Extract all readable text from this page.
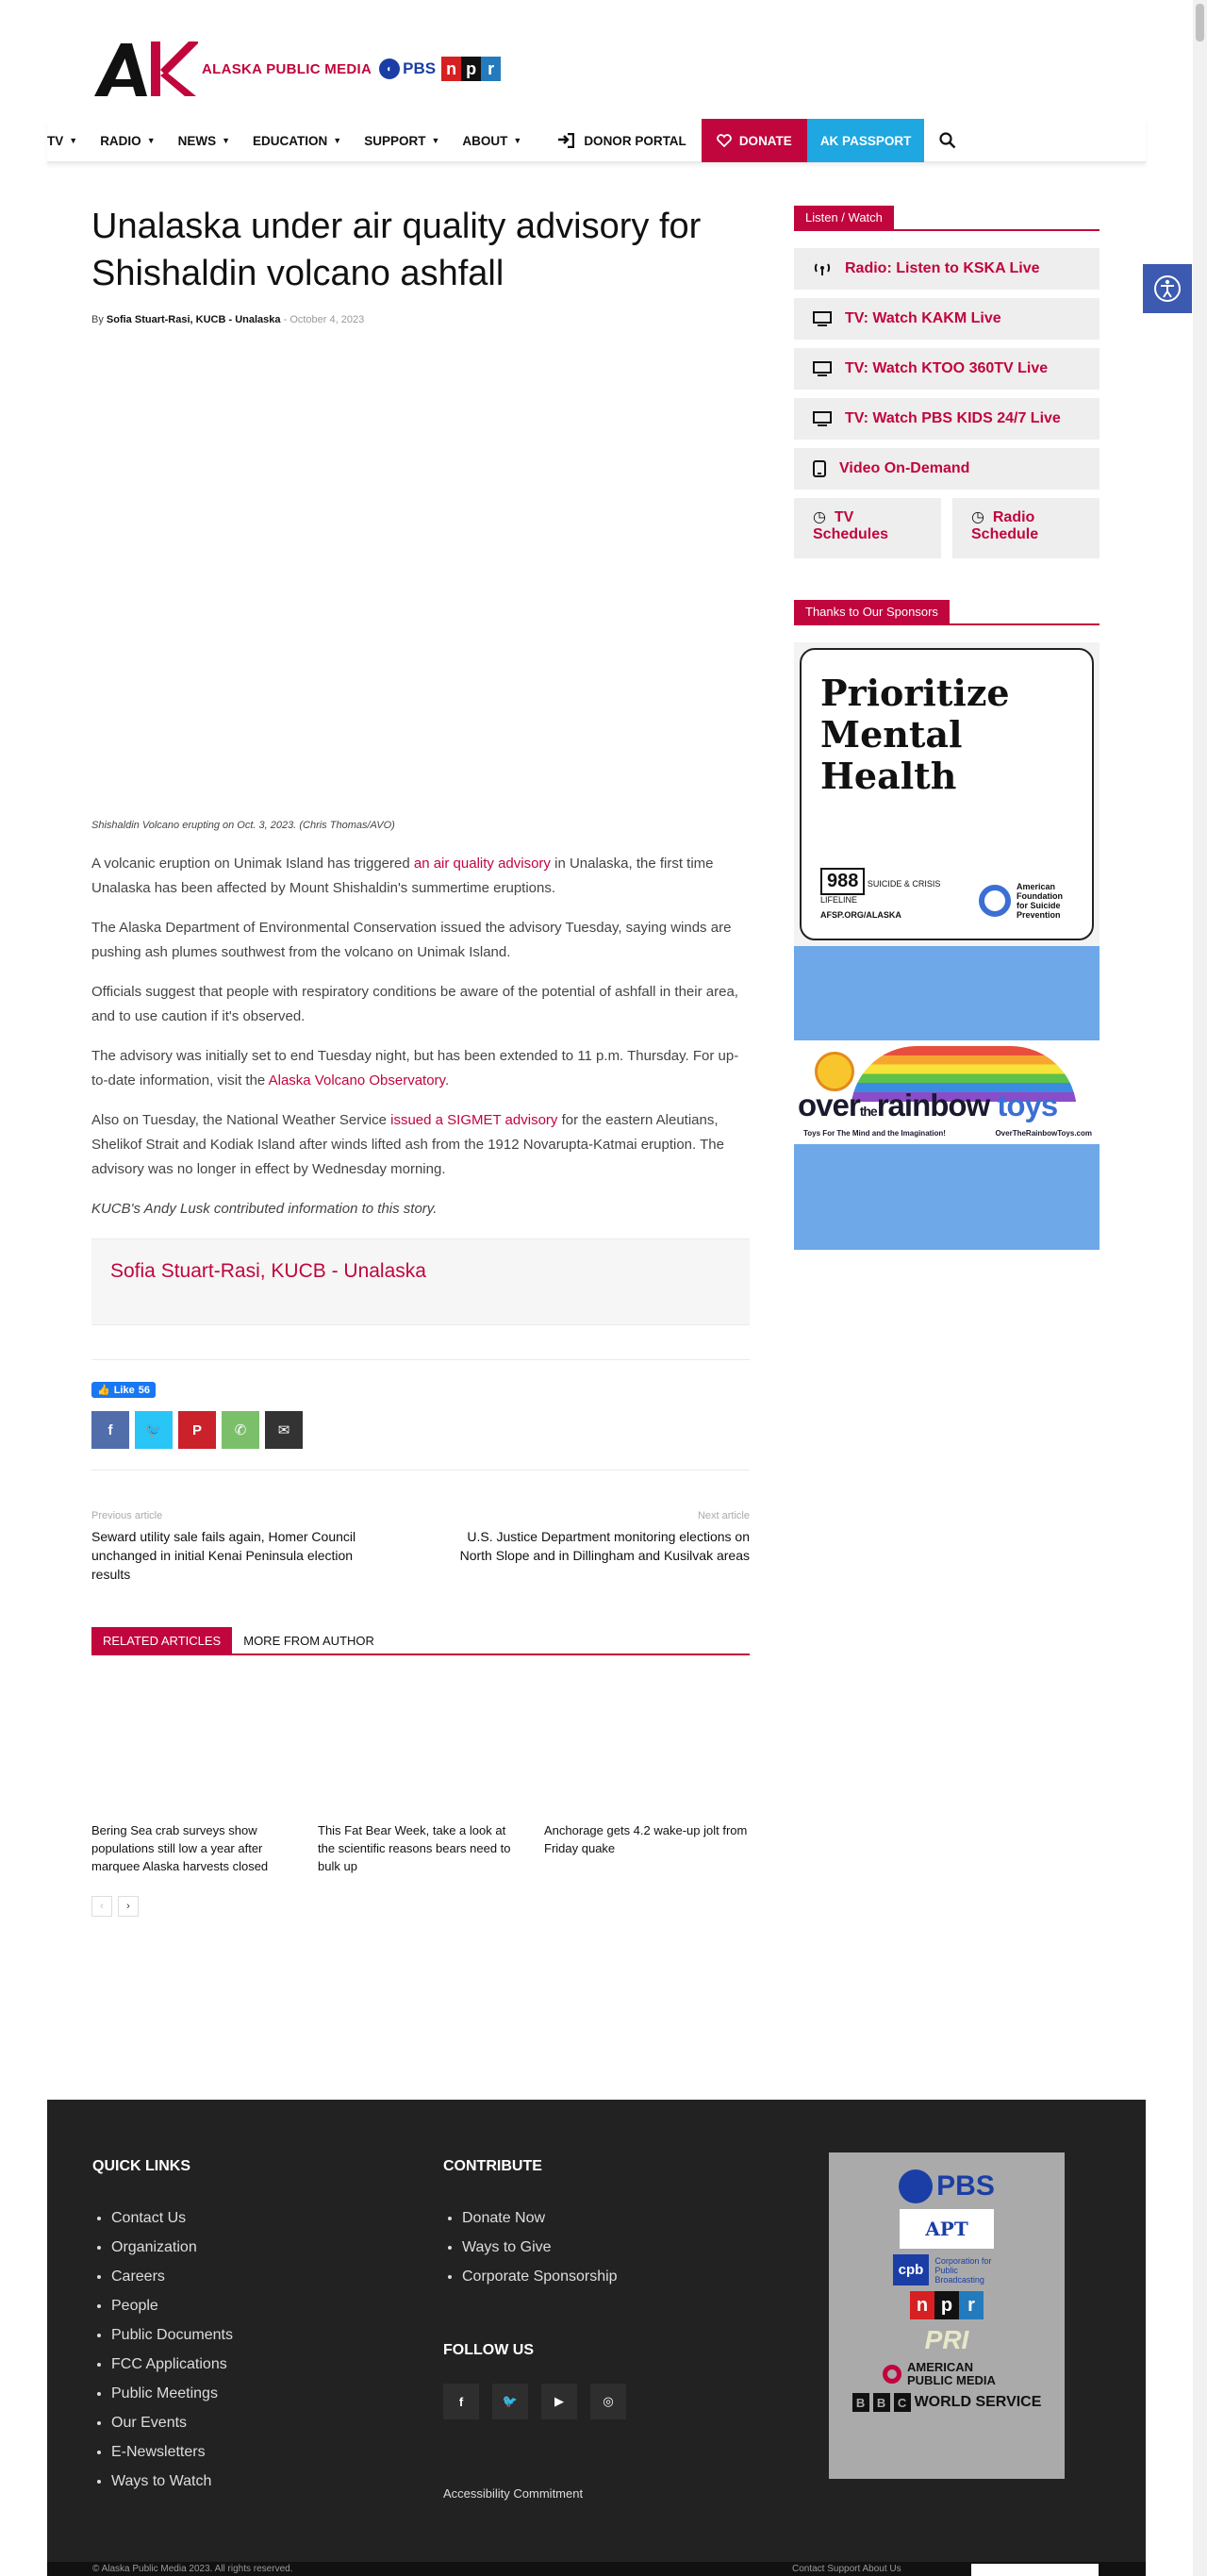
ALASKA PUBLIC MEDIA	◐ PBS n p r
TV ▼ RADIO ▼ NEWS ▼ EDUCATION ▼ SUPPORT ▼ ABOUT ▼	DONOR PORTAL	DONATE AK PASSPORT
Unalaska under air quality advisory for Shishaldin volcano ashfall
By Sofia Stuart-Rasi, KUCB - Unalaska - October 4, 2023
Shishaldin Volcano erupting on Oct. 3, 2023. (Chris Thomas/AVO)

A volcanic eruption on Unimak Island has triggered an air quality advisory in Unalaska, the first time Unalaska has been affected by Mount Shishaldin's summertime eruptions.

The Alaska Department of Environmental Conservation issued the advisory Tuesday, saying winds are pushing ash plumes southwest from the volcano on Unimak Island.

Officials suggest that people with respiratory conditions be aware of the potential of ashfall in their area, and to use caution if it's observed.

The advisory was initially set to end Tuesday night, but has been extended to 11 p.m. Thursday. For up-to-date information, visit the Alaska Volcano Observatory.

Also on Tuesday, the National Weather Service issued a SIGMET advisory for the eastern Aleutians, Shelikof Strait and Kodiak Island after winds lifted ash from the 1912 Novarupta-Katmai eruption. The advisory was no longer in effect by Wednesday morning.

KUCB's Andy Lusk contributed information to this story.

Sofia Stuart-Rasi, KUCB - Unalaska
👍 Like 56
f	🐦	P	✆	✉
Previous article
Seward utility sale fails again, Homer Council unchanged in initial Kenai Peninsula election results
Next article
U.S. Justice Department monitoring elections on North Slope and in Dillingham and Kusilvak areas
RELATED ARTICLES	MORE FROM AUTHOR
Bering Sea crab surveys show populations still low a year after marquee Alaska harvests closed
This Fat Bear Week, take a look at the scientific reasons bears need to bulk up
Anchorage gets 4.2 wake-up jolt from Friday quake
‹	›
Listen / Watch
Radio: Listen to KSKA Live
TV: Watch KAKM Live
TV: Watch KTOO 360TV Live
TV: Watch PBS KIDS 24/7 Live
Video On-Demand
◷ TV Schedules
◷ Radio Schedule
Thanks to Our Sponsors
Prioritize Mental Health
988 SUICIDE & CRISIS LIFELINE
AFSP.ORG/ALASKA
American Foundation for Suicide Prevention
overtherainbow toys
Toys For The Mind and the Imagination!	OverTheRainbowToys.com
QUICK LINKS
• Contact Us
• Organization
• Careers
• People
• Public Documents
• FCC Applications
• Public Meetings
• Our Events
• E-Newsletters
• Ways to Watch
CONTRIBUTE
• Donate Now
• Ways to Give
• Corporate Sponsorship
FOLLOW US
f	🐦	▶	◎
Accessibility Commitment
PBS
APT
cpb
Corporation for Public Broadcasting
n p r
PRI
AMERICAN PUBLIC MEDIA
B B C WORLD SERVICE
© Alaska Public Media 2023. All rights reserved.	Contact Support About Us
